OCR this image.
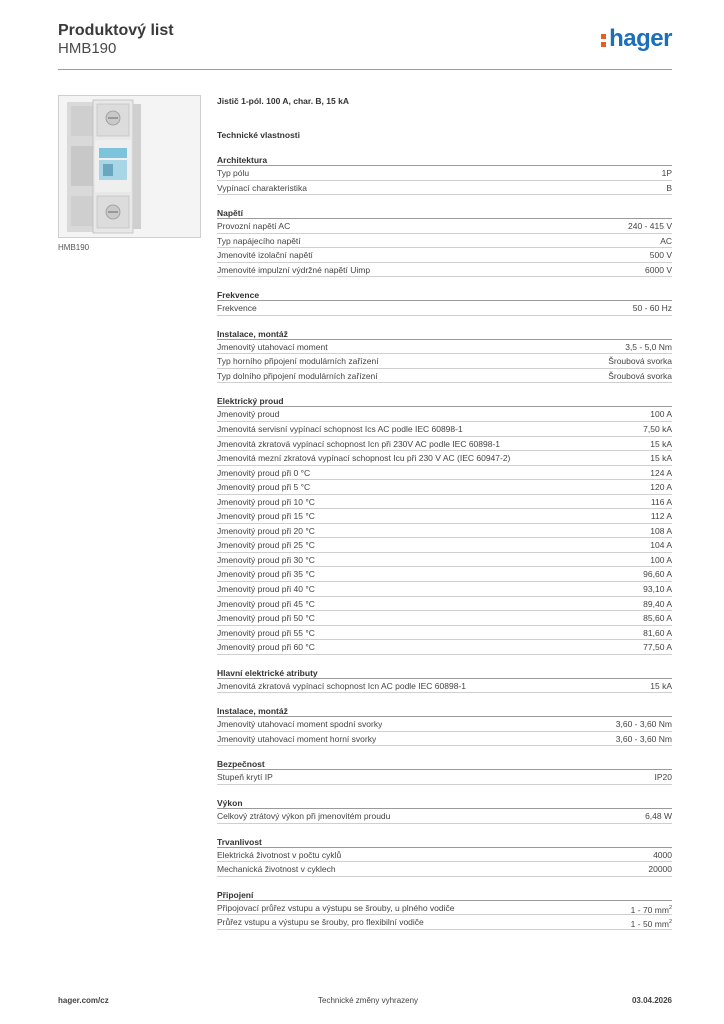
Produktový list
HMB190	hager
HMB190
Jistič 1-pól. 100 A, char. B, 15 kA
Technické vlastnosti
Architektura
Typ pólu	1P
Vypínací charakteristika	B
Napětí
Provozní napětí AC	240 - 415 V
Typ napájecího napětí	AC
Jmenovité izolační napětí	500 V
Jmenovité impulzní výdržné napětí Uimp	6000 V
Frekvence
Frekvence	50 - 60 Hz
Instalace, montáž
Jmenovitý utahovací moment	3,5 - 5,0 Nm
Typ horního připojení modulárních zařízení	Šroubová svorka
Typ dolního připojení modulárních zařízení	Šroubová svorka
Elektrický proud
Jmenovitý proud	100 A
Jmenovitá servisní vypínací schopnost Ics AC podle IEC 60898-1	7,50 kA
Jmenovitá zkratová vypínací schopnost Icn při 230V AC podle IEC 60898-1	15 kA
Jmenovitá mezní zkratová vypínací schopnost Icu při 230 V AC (IEC 60947-2)	15 kA
Jmenovitý proud při 0 °C	124 A
Jmenovitý proud při 5 °C	120 A
Jmenovitý proud při 10 °C	116 A
Jmenovitý proud při 15 °C	112 A
Jmenovitý proud při 20 °C	108 A
Jmenovitý proud při 25 °C	104 A
Jmenovitý proud při 30 °C	100 A
Jmenovitý proud při 35 °C	96,60 A
Jmenovitý proud při 40 °C	93,10 A
Jmenovitý proud při 45 °C	89,40 A
Jmenovitý proud při 50 °C	85,60 A
Jmenovitý proud při 55 °C	81,60 A
Jmenovitý proud při 60 °C	77,50 A
Hlavní elektrické atributy
Jmenovitá zkratová vypínací schopnost Icn AC podle IEC 60898-1	15 kA
Instalace, montáž
Jmenovitý utahovací moment spodní svorky	3,60 - 3,60 Nm
Jmenovitý utahovací moment horní svorky	3,60 - 3,60 Nm
Bezpečnost
Stupeň krytí IP	IP20
Výkon
Celkový ztrátový výkon při jmenovitém proudu	6,48 W
Trvanlivost
Elektrická životnost v počtu cyklů	4000
Mechanická životnost v cyklech	20000
Připojení
Připojovací průřez vstupu a výstupu se šrouby, u plného vodiče	1 - 70 $mm^2$
Průřez vstupu a výstupu se šrouby, pro flexibilní vodiče	1 - 50 $mm^2$
hager.com/cz	Technické změny vyhrazeny	03.04.2026
